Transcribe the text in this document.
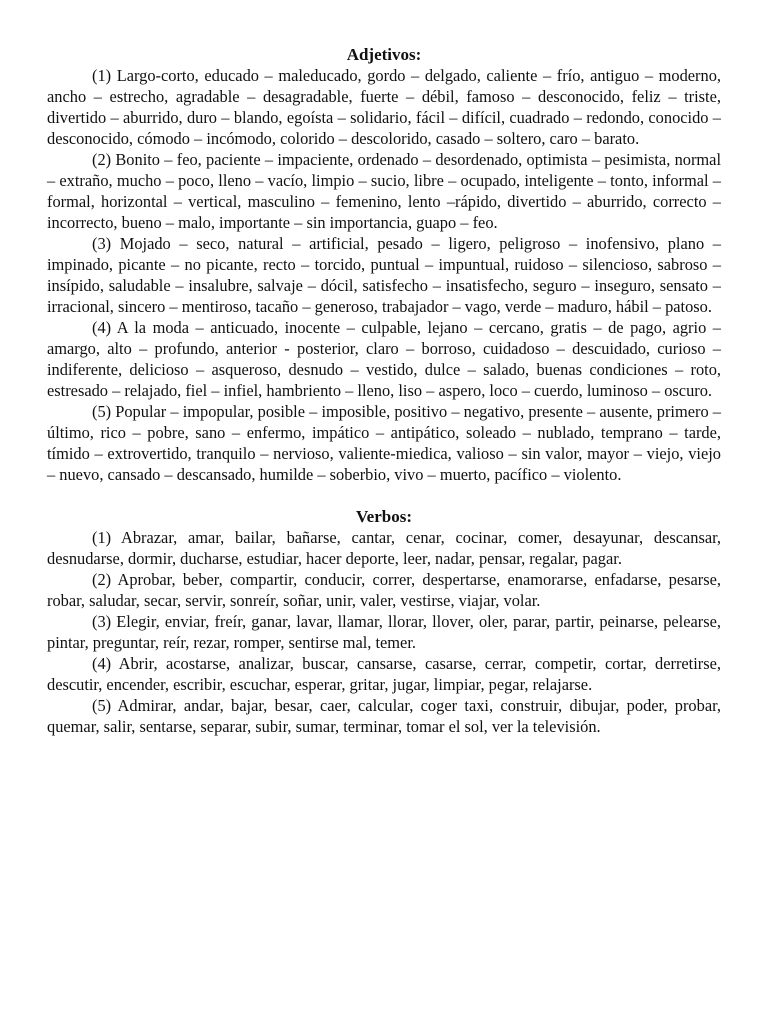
Adjetivos:

(1) Largo-corto, educado – maleducado, gordo – delgado, caliente – frío, antiguo – moderno, ancho – estrecho, agradable – desagradable, fuerte – débil, famoso – desconocido, feliz – triste, divertido – aburrido, duro – blando, egoísta – solidario, fácil – difícil, cuadrado – redondo, conocido – desconocido, cómodo – incómodo, colorido – descolorido, casado – soltero, caro – barato.

(2) Bonito – feo, paciente – impaciente, ordenado – desordenado, optimista – pesimista, normal – extraño, mucho – poco, lleno – vacío, limpio – sucio, libre – ocupado, inteligente – tonto, informal – formal, horizontal – vertical, masculino – femenino, lento –rápido, divertido – aburrido, correcto – incorrecto, bueno – malo, importante – sin importancia, guapo – feo.

(3) Mojado – seco, natural – artificial, pesado – ligero, peligroso – inofensivo, plano – impinado, picante – no picante, recto – torcido, puntual – impuntual, ruidoso – silencioso, sabroso – insípido, saludable – insalubre, salvaje – dócil, satisfecho – insatisfecho, seguro – inseguro, sensato – irracional, sincero – mentiroso, tacaño – generoso, trabajador – vago, verde – maduro, hábil – patoso.

(4) A la moda – anticuado, inocente – culpable, lejano – cercano, gratis – de pago, agrio – amargo, alto – profundo, anterior - posterior, claro – borroso, cuidadoso – descuidado, curioso – indiferente, delicioso – asqueroso, desnudo – vestido, dulce – salado, buenas condiciones – roto, estresado – relajado, fiel – infiel, hambriento – lleno, liso – aspero, loco – cuerdo, luminoso – oscuro.

(5) Popular – impopular, posible – imposible, positivo – negativo, presente – ausente, primero – último, rico – pobre, sano – enfermo, impático – antipático, soleado – nublado, temprano – tarde, tímido – extrovertido, tranquilo – nervioso, valiente-miedica, valioso – sin valor, mayor – viejo, viejo – nuevo, cansado – descansado, humilde – soberbio, vivo – muerto, pacífico – violento.

Verbos:

(1) Abrazar, amar, bailar, bañarse, cantar, cenar, cocinar, comer, desayunar, descansar, desnudarse, dormir, ducharse, estudiar, hacer deporte, leer, nadar, pensar, regalar, pagar.

(2) Aprobar, beber, compartir, conducir, correr, despertarse, enamorarse, enfadarse, pesarse, robar, saludar, secar, servir, sonreír, soñar, unir, valer, vestirse, viajar, volar.

(3) Elegir, enviar, freír, ganar, lavar, llamar, llorar, llover, oler, parar, partir, peinarse, pelearse, pintar, preguntar, reír, rezar, romper, sentirse mal, temer.

(4) Abrir, acostarse, analizar, buscar, cansarse, casarse, cerrar, competir, cortar, derretirse, descutir, encender, escribir, escuchar, esperar, gritar, jugar, limpiar, pegar, relajarse.

(5) Admirar, andar, bajar, besar, caer, calcular, coger taxi, construir, dibujar, poder, probar, quemar, salir, sentarse, separar, subir, sumar, terminar, tomar el sol, ver la televisión.
